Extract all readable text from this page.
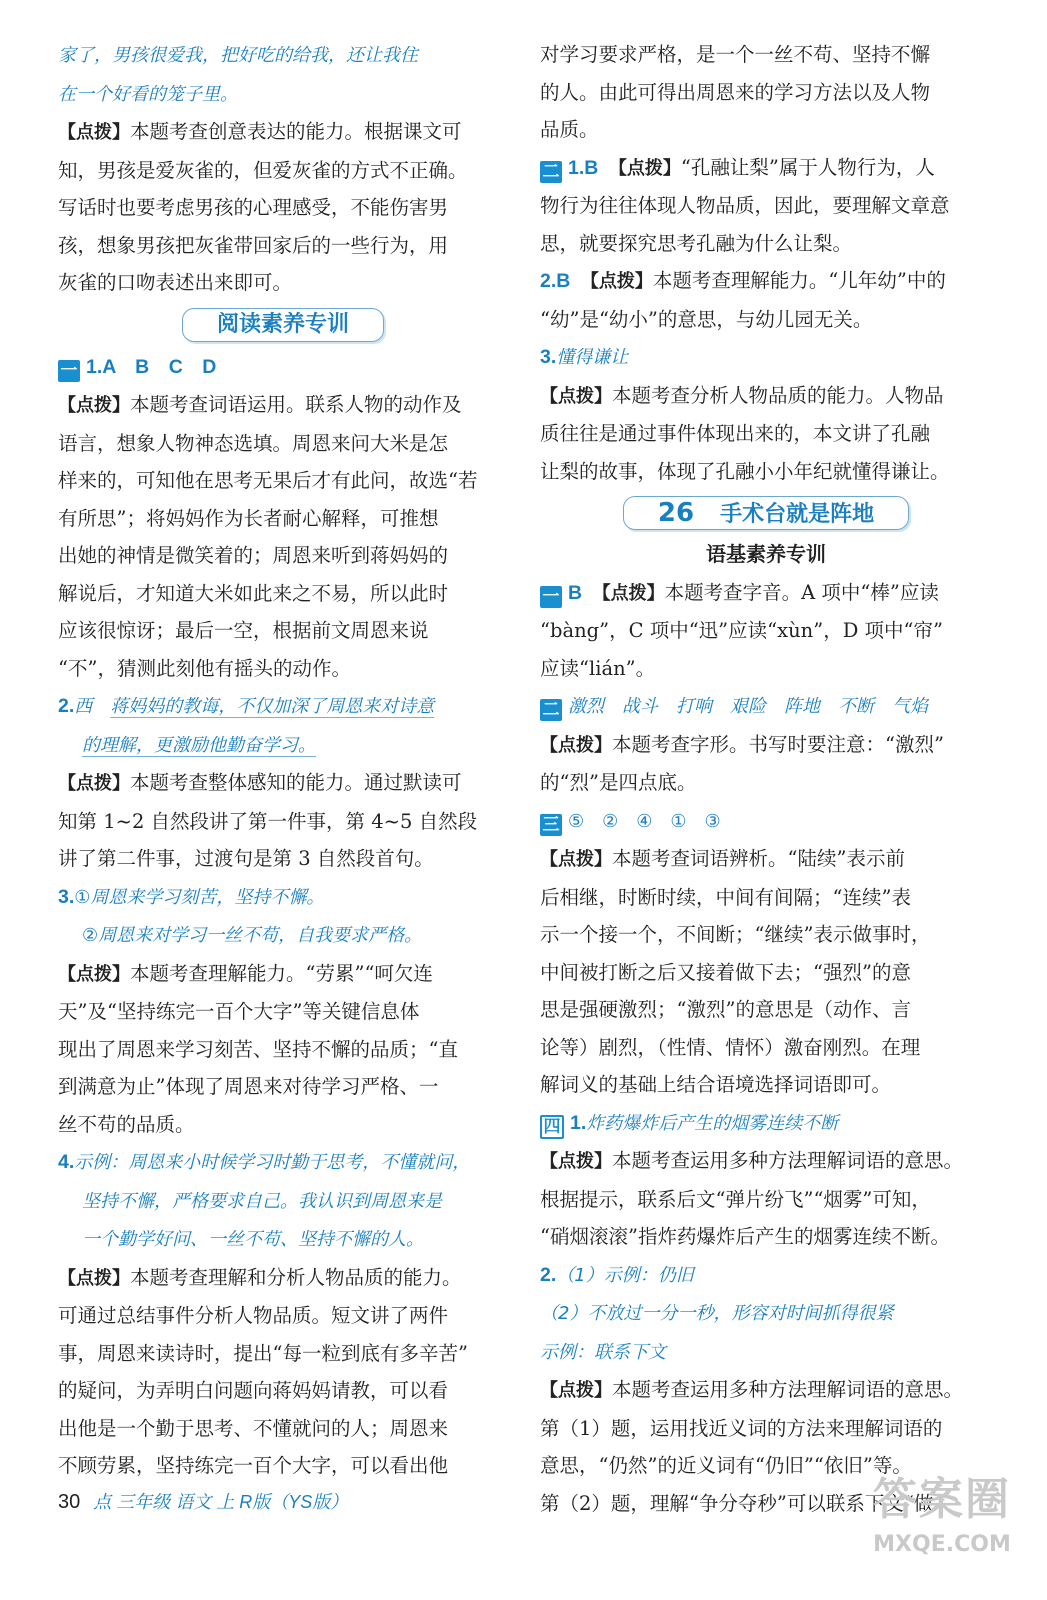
家了，男孩很爱我，把好吃的给我，还让我住
在一个好看的笼子里。
【点拨】本题考查创意表达的能力。根据课文可
知，男孩是爱灰雀的，但爱灰雀的方式不正确。
写话时也要考虑男孩的心理感受，不能伤害男
孩，想象男孩把灰雀带回家后的一些行为，用
灰雀的口吻表述出来即可。
阅读素养专训
一 1.A　B　C　D
【点拨】本题考查词语运用。联系人物的动作及
语言，想象人物神态选填。周恩来问大米是怎
样来的，可知他在思考无果后才有此问，故选“若
有所思”；将妈妈作为长者耐心解释，可推想
出她的神情是微笑着的；周恩来听到蒋妈妈的
解说后，才知道大米如此来之不易，所以此时
应该很惊讶；最后一空，根据前文周恩来说
“不”，猜测此刻他有摇头的动作。
2.西　蒋妈妈的教诲，不仅加深了周恩来对诗意
的理解，更激励他勤奋学习。
【点拨】本题考查整体感知的能力。通过默读可
知第 1~2 自然段讲了第一件事，第 4~5 自然段
讲了第二件事，过渡句是第 3 自然段首句。
3.①周恩来学习刻苦，坚持不懈。
②周恩来对学习一丝不苟，自我要求严格。
【点拨】本题考查理解能力。“劳累”“呵欠连
天”及“坚持练完一百个大字”等关键信息体
现出了周恩来学习刻苦、坚持不懈的品质；“直
到满意为止”体现了周恩来对待学习严格、一
丝不苟的品质。
4.示例：周恩来小时候学习时勤于思考，不懂就问，
坚持不懈，严格要求自己。我认识到周恩来是
一个勤学好问、一丝不苟、坚持不懈的人。
【点拨】本题考查理解和分析人物品质的能力。
可通过总结事件分析人物品质。短文讲了两件
事，周恩来读诗时，提出“每一粒到底有多辛苦”
的疑问，为弄明白问题向蒋妈妈请教，可以看
出他是一个勤于思考、不懂就问的人；周恩来
不顾劳累，坚持练完一百个大字，可以看出他
对学习要求严格，是一个一丝不苟、坚持不懈
的人。由此可得出周恩来的学习方法以及人物
品质。
二 1.B　 【点拨】“孔融让梨”属于人物行为，人
物行为往往体现人物品质，因此，要理解文章意
思，就要探究思考孔融为什么让梨。
2.B　 【点拨】本题考查理解能力。“儿年幼”中的
“幼”是“幼小”的意思，与幼儿园无关。
3.懂得谦让
【点拨】本题考查分析人物品质的能力。人物品
质往往是通过事件体现出来的，本文讲了孔融
让梨的故事，体现了孔融小小年纪就懂得谦让。
26 手术台就是阵地
语基素养专训
一 B　 【点拨】本题考查字音。A 项中“棒”应读
“bàng”，C 项中“迅”应读“xùn”，D 项中“帘”
应读“lián”。
二 激烈　战斗　打响　艰险　阵地　不断　气焰
【点拨】本题考查字形。书写时要注意：“激烈”
的“烈”是四点底。
三 ⑤　②　④　①　③
【点拨】本题考查词语辨析。“陆续”表示前
后相继，时断时续，中间有间隔；“连续”表
示一个接一个，不间断；“继续”表示做事时，
中间被打断之后又接着做下去；“强烈”的意
思是强硬激烈；“激烈”的意思是（动作、言
论等）剧烈，（性情、情怀）激奋刚烈。在理
解词义的基础上结合语境选择词语即可。
四 1.炸药爆炸后产生的烟雾连续不断
【点拨】本题考查运用多种方法理解词语的意思。
根据提示，联系后文“弹片纷飞”“烟雾”可知，
“硝烟滚滚”指炸药爆炸后产生的烟雾连续不断。
2.（1）示例：仍旧
（2）不放过一分一秒，形容对时间抓得很紧
示例：联系下文
【点拨】本题考查运用多种方法理解词语的意思。
第（1）题，运用找近义词的方法来理解词语的
意思，“仍然”的近义词有“仍旧”“依旧”等。
第（2）题，理解“争分夺秒”可以联系下文“做
30 点 三年级 语文 上 R版（YS版）	答案圈
MXQE.COM
